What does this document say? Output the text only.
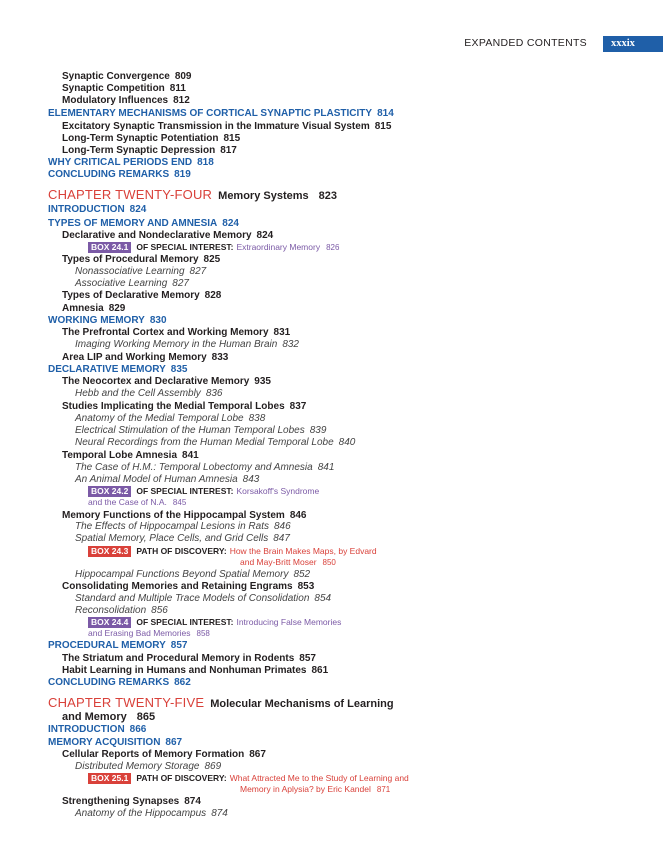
EXPANDED CONTENTS	xxxix
Synaptic Convergence 809
Synaptic Competition 811
Modulatory Influences 812
ELEMENTARY MECHANISMS OF CORTICAL SYNAPTIC PLASTICITY 814
Excitatory Synaptic Transmission in the Immature Visual System 815
Long-Term Synaptic Potentiation 815
Long-Term Synaptic Depression 817
WHY CRITICAL PERIODS END 818
CONCLUDING REMARKS 819
CHAPTER TWENTY-FOUR Memory Systems 823
INTRODUCTION 824
TYPES OF MEMORY AND AMNESIA 824
Declarative and Nondeclarative Memory 824
BOX 24.1 OF SPECIAL INTEREST: Extraordinary Memory 826
Types of Procedural Memory 825
Nonassociative Learning 827
Associative Learning 827
Types of Declarative Memory 828
Amnesia 829
WORKING MEMORY 830
The Prefrontal Cortex and Working Memory 831
Imaging Working Memory in the Human Brain 832
Area LIP and Working Memory 833
DECLARATIVE MEMORY 835
The Neocortex and Declarative Memory 935
Hebb and the Cell Assembly 836
Studies Implicating the Medial Temporal Lobes 837
Anatomy of the Medial Temporal Lobe 838
Electrical Stimulation of the Human Temporal Lobes 839
Neural Recordings from the Human Medial Temporal Lobe 840
Temporal Lobe Amnesia 841
The Case of H.M.: Temporal Lobectomy and Amnesia 841
An Animal Model of Human Amnesia 843
BOX 24.2 OF SPECIAL INTEREST: Korsakoff's Syndrome
and the Case of N.A. 845
Memory Functions of the Hippocampal System 846
The Effects of Hippocampal Lesions in Rats 846
Spatial Memory, Place Cells, and Grid Cells 847
BOX 24.3 PATH OF DISCOVERY: How the Brain Makes Maps, by Edvard
and May-Britt Moser 850
Hippocampal Functions Beyond Spatial Memory 852
Consolidating Memories and Retaining Engrams 853
Standard and Multiple Trace Models of Consolidation 854
Reconsolidation 856
BOX 24.4 OF SPECIAL INTEREST: Introducing False Memories
and Erasing Bad Memories 858
PROCEDURAL MEMORY 857
The Striatum and Procedural Memory in Rodents 857
Habit Learning in Humans and Nonhuman Primates 861
CONCLUDING REMARKS 862
CHAPTER TWENTY-FIVE Molecular Mechanisms of Learning
and Memory 865
INTRODUCTION 866
MEMORY ACQUISITION 867
Cellular Reports of Memory Formation 867
Distributed Memory Storage 869
BOX 25.1 PATH OF DISCOVERY: What Attracted Me to the Study of Learning and
Memory in Aplysia? by Eric Kandel 871
Strengthening Synapses 874
Anatomy of the Hippocampus 874
